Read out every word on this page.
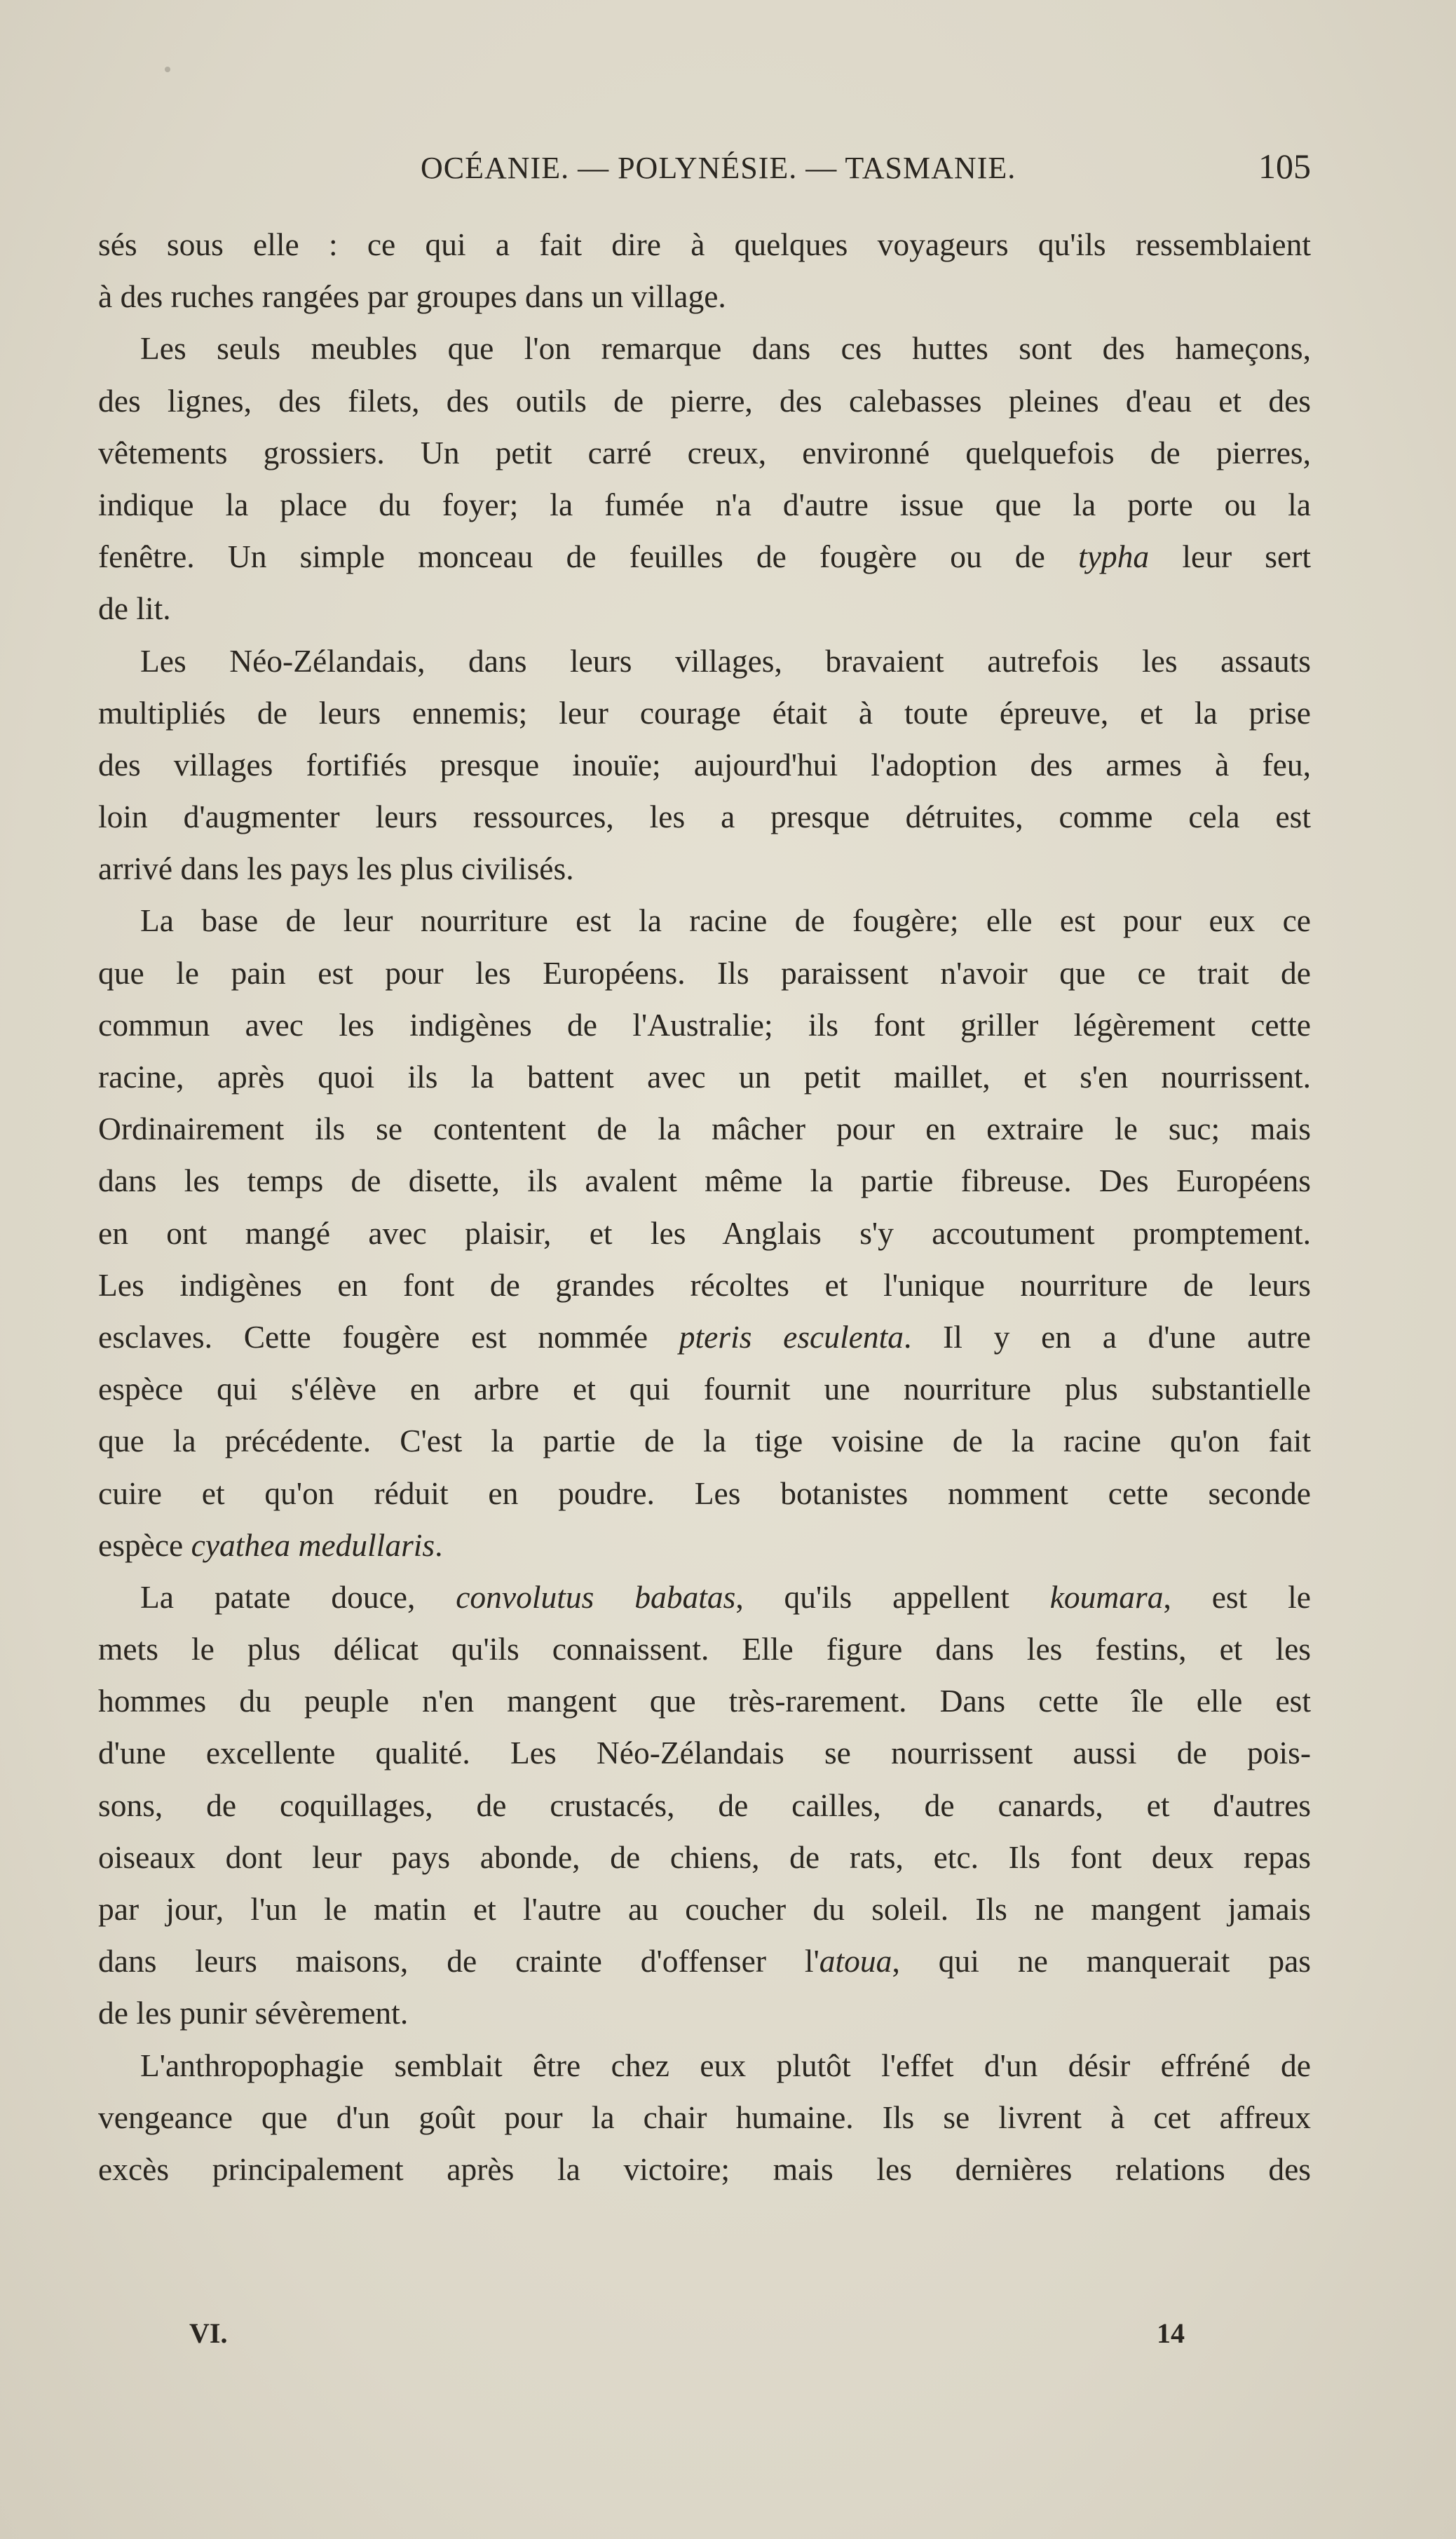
OCÉANIE. — POLYNÉSIE. — TASMANIE.	105
sés sous elle : ce qui a fait dire à quelques voyageurs qu'ils ressemblaient
à des ruches rangées par groupes dans un village.
Les seuls meubles que l'on remarque dans ces huttes sont des hameçons,
des lignes, des filets, des outils de pierre, des calebasses pleines d'eau et des
vêtements grossiers. Un petit carré creux, environné quelquefois de pierres,
indique la place du foyer; la fumée n'a d'autre issue que la porte ou la
fenêtre. Un simple monceau de feuilles de fougère ou de typha leur sert
de lit.
Les Néo-Zélandais, dans leurs villages, bravaient autrefois les assauts
multipliés de leurs ennemis; leur courage était à toute épreuve, et la prise
des villages fortifiés presque inouïe; aujourd'hui l'adoption des armes à feu,
loin d'augmenter leurs ressources, les a presque détruites, comme cela est
arrivé dans les pays les plus civilisés.
La base de leur nourriture est la racine de fougère; elle est pour eux ce
que le pain est pour les Européens. Ils paraissent n'avoir que ce trait de
commun avec les indigènes de l'Australie; ils font griller légèrement cette
racine, après quoi ils la battent avec un petit maillet, et s'en nourrissent.
Ordinairement ils se contentent de la mâcher pour en extraire le suc; mais
dans les temps de disette, ils avalent même la partie fibreuse. Des Européens
en ont mangé avec plaisir, et les Anglais s'y accoutument promptement.
Les indigènes en font de grandes récoltes et l'unique nourriture de leurs
esclaves. Cette fougère est nommée pteris esculenta. Il y en a d'une autre
espèce qui s'élève en arbre et qui fournit une nourriture plus substantielle
que la précédente. C'est la partie de la tige voisine de la racine qu'on fait
cuire et qu'on réduit en poudre. Les botanistes nomment cette seconde
espèce cyathea medullaris.
La patate douce, convolutus babatas, qu'ils appellent koumara, est le
mets le plus délicat qu'ils connaissent. Elle figure dans les festins, et les
hommes du peuple n'en mangent que très-rarement. Dans cette île elle est
d'une excellente qualité. Les Néo-Zélandais se nourrissent aussi de pois-
sons, de coquillages, de crustacés, de cailles, de canards, et d'autres
oiseaux dont leur pays abonde, de chiens, de rats, etc. Ils font deux repas
par jour, l'un le matin et l'autre au coucher du soleil. Ils ne mangent jamais
dans leurs maisons, de crainte d'offenser l'atoua, qui ne manquerait pas
de les punir sévèrement.
L'anthropophagie semblait être chez eux plutôt l'effet d'un désir effréné de
vengeance que d'un goût pour la chair humaine. Ils se livrent à cet affreux
excès principalement après la victoire; mais les dernières relations des
VI.	14
